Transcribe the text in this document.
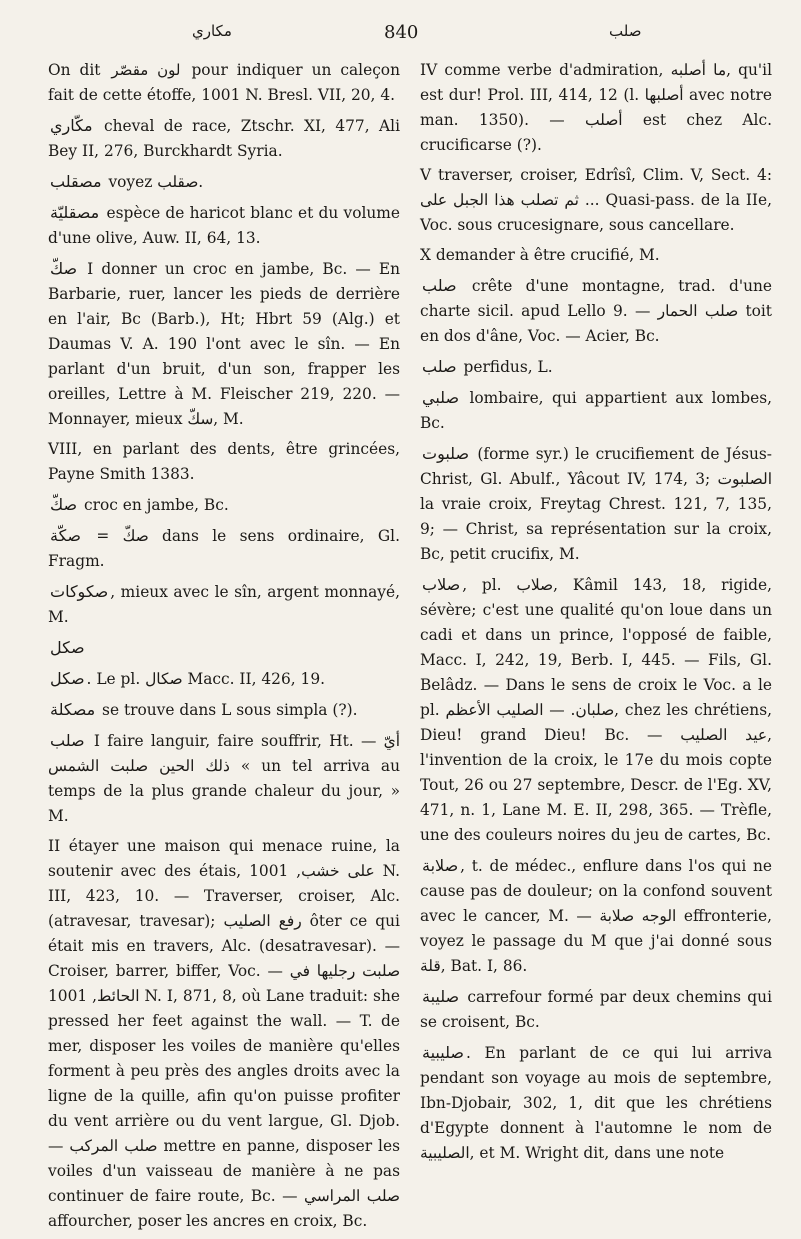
مكاري	840	صلب

On dit لون مقصّر pour indiquer un caleçon fait de cette étoffe, 1001 N. Bresl. VII, 20, 4.

مكّاري cheval de race, Ztschr. XI, 477, Ali Bey II, 276, Burckhardt Syria.

مصقلب voyez صقلب.

مصقليّة espèce de haricot blanc et du volume d'une olive, Auw. II, 64, 13.

صكّ I donner un croc en jambe, Bc. — En Barbarie, ruer, lancer les pieds de derrière en l'air, Bc (Barb.), Ht; Hbrt 59 (Alg.) et Daumas V. A. 190 l'ont avec le sîn. — En parlant d'un bruit, d'un son, frapper les oreilles, Lettre à M. Fleischer 219, 220. — Monnayer, mieux سكّ, M.

VIII, en parlant des dents, être grincées, Payne Smith 1383.

صكّ croc en jambe, Bc.

صكّة = صكّ dans le sens ordinaire, Gl. Fragm.

صكوكات , mieux avec le sîn, argent monnayé, M.

صكل

صكل . Le pl. صكال Macc. II, 426, 19.

مصكلة se trouve dans L sous simpla (?).

صلب I faire languir, faire souffrir, Ht. — أيّ ذلك الحين صلبت الشمس « un tel arriva au temps de la plus grande chaleur du jour, » M.

II étayer une maison qui menace ruine, la soutenir avec des étais, على خشب, 1001 N. III, 423, 10. — Traverser, croiser, Alc. (atravesar, travesar); رفع الصليب ôter ce qui était mis en travers, Alc. (desatravesar). — Croiser, barrer, biffer, Voc. — صلبت رجليها في الحائط, 1001 N. I, 871, 8, où Lane traduit: she pressed her feet against the wall. — T. de mer, disposer les voiles de manière qu'elles forment à peu près des angles droits avec la ligne de la quille, afin qu'on puisse profiter du vent arrière ou du vent largue, Gl. Djob. — صلب المركب mettre en panne, disposer les voiles d'un vaisseau de manière à ne pas continuer de faire route, Bc. — صلب المراسي affourcher, poser les ancres en croix, Bc.

IV comme verbe d'admiration, ما أصلبه, qu'il est dur! Prol. III, 414, 12 (l. أصلبها avec notre man. 1350). — أصلب est chez Alc. crucificarse (?).

V traverser, croiser, Edrîsî, Clim. V, Sect. 4: ثم تصلب هذا الجبل على ... Quasi-pass. de la IIe, Voc. sous crucesignare, sous cancellare.

X demander à être crucifié, M.

صلب crête d'une montagne, trad. d'une charte sicil. apud Lello 9. — صلب الحمار toit en dos d'âne, Voc. — Acier, Bc.

صلب perfidus, L.

صلبي lombaire, qui appartient aux lombes, Bc.

صلبوت (forme syr.) le crucifiement de Jésus-Christ, Gl. Abulf., Yâcout IV, 174, 3; الصلبوت la vraie croix, Freytag Chrest. 121, 7, 135, 9; — Christ, sa représentation sur la croix, Bc, petit crucifix, M.

صلاب , pl. صلاب, Kâmil 143, 18, rigide, sévère; c'est une qualité qu'on loue dans un cadi et dans un prince, l'opposé de faible, Macc. I, 242, 19, Berb. I, 445. — Fils, Gl. Belâdz. — Dans le sens de croix le Voc. a le pl. صلبان. — الصليب الأعظم, chez les chrétiens, Dieu! grand Dieu! Bc. — عيد الصليب, l'invention de la croix, le 17e du mois copte Tout, 26 ou 27 septembre, Descr. de l'Eg. XV, 471, n. 1, Lane M. E. II, 298, 365. — Trèfle, une des couleurs noires du jeu de cartes, Bc.

صلابة , t. de médec., enflure dans l'os qui ne cause pas de douleur; on la confond souvent avec le cancer, M. — الوجه صلابة effronterie, voyez le passage du M que j'ai donné sous قلة, Bat. I, 86.

صليبة carrefour formé par deux chemins qui se croisent, Bc.

صليبية . En parlant de ce qui lui arriva pendant son voyage au mois de septembre, Ibn-Djobair, 302, 1, dit que les chrétiens d'Egypte donnent à l'automne le nom de الصليبية, et M. Wright dit, dans une note
